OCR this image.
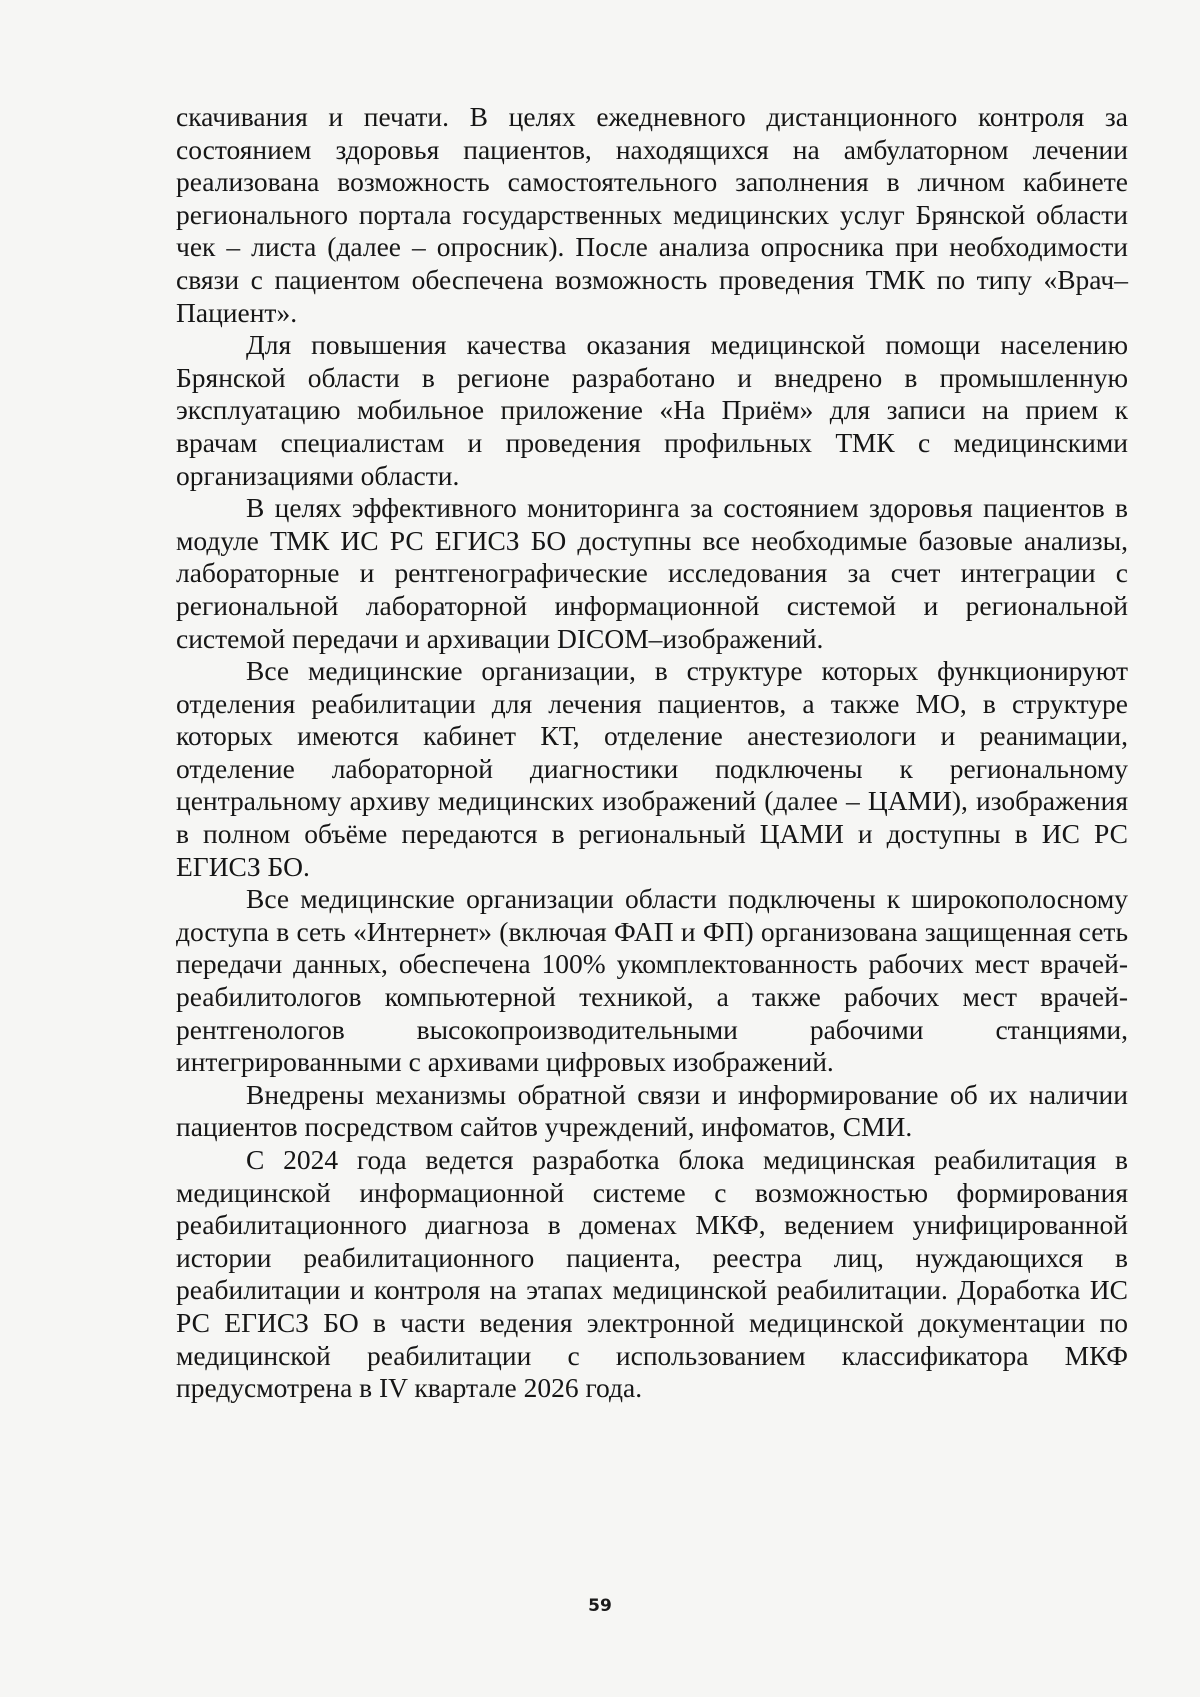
скачивания и печати. В целях ежедневного дистанционного контроля за состоянием здоровья пациентов, находящихся на амбулаторном лечении реализована возможность самостоятельного заполнения в личном кабинете регионального портала государственных медицинских услуг Брянской области чек – листа (далее – опросник). После анализа опросника при необходимости связи с пациентом обеспечена возможность проведения ТМК по типу «Врач–Пациент».

Для повышения качества оказания медицинской помощи населению Брянской области в регионе разработано и внедрено в промышленную эксплуатацию мобильное приложение «На Приём» для записи на прием к врачам специалистам и проведения профильных ТМК с медицинскими организациями области.

В целях эффективного мониторинга за состоянием здоровья пациентов в модуле ТМК ИС РС ЕГИСЗ БО доступны все необходимые базовые анализы, лабораторные и рентгенографические исследования за счет интеграции с региональной лабораторной информационной системой и региональной системой передачи и архивации DICOM–изображений.

Все медицинские организации, в структуре которых функционируют отделения реабилитации для лечения пациентов, а также МО, в структуре которых имеются кабинет КТ, отделение анестезиологи и реанимации, отделение лабораторной диагностики подключены к региональному центральному архиву медицинских изображений (далее – ЦАМИ), изображения в полном объёме передаются в региональный ЦАМИ и доступны в ИС РС ЕГИСЗ БО.

Все медицинские организации области подключены к широкополосному доступа в сеть «Интернет» (включая ФАП и ФП) организована защищенная сеть передачи данных, обеспечена 100% укомплектованность рабочих мест врачей-реабилитологов компьютерной техникой, а также рабочих мест врачей-рентгенологов высокопроизводительными рабочими станциями, интегрированными с архивами цифровых изображений.

Внедрены механизмы обратной связи и информирование об их наличии пациентов посредством сайтов учреждений, инфоматов, СМИ.

С 2024 года ведется разработка блока медицинская реабилитация в медицинской информационной системе с возможностью формирования реабилитационного диагноза в доменах МКФ, ведением унифицированной истории реабилитационного пациента, реестра лиц, нуждающихся в реабилитации и контроля на этапах медицинской реабилитации. Доработка ИС РС ЕГИСЗ БО в части ведения электронной медицинской документации по медицинской реабилитации с использованием классификатора МКФ предусмотрена в IV квартале 2026 года.

59
